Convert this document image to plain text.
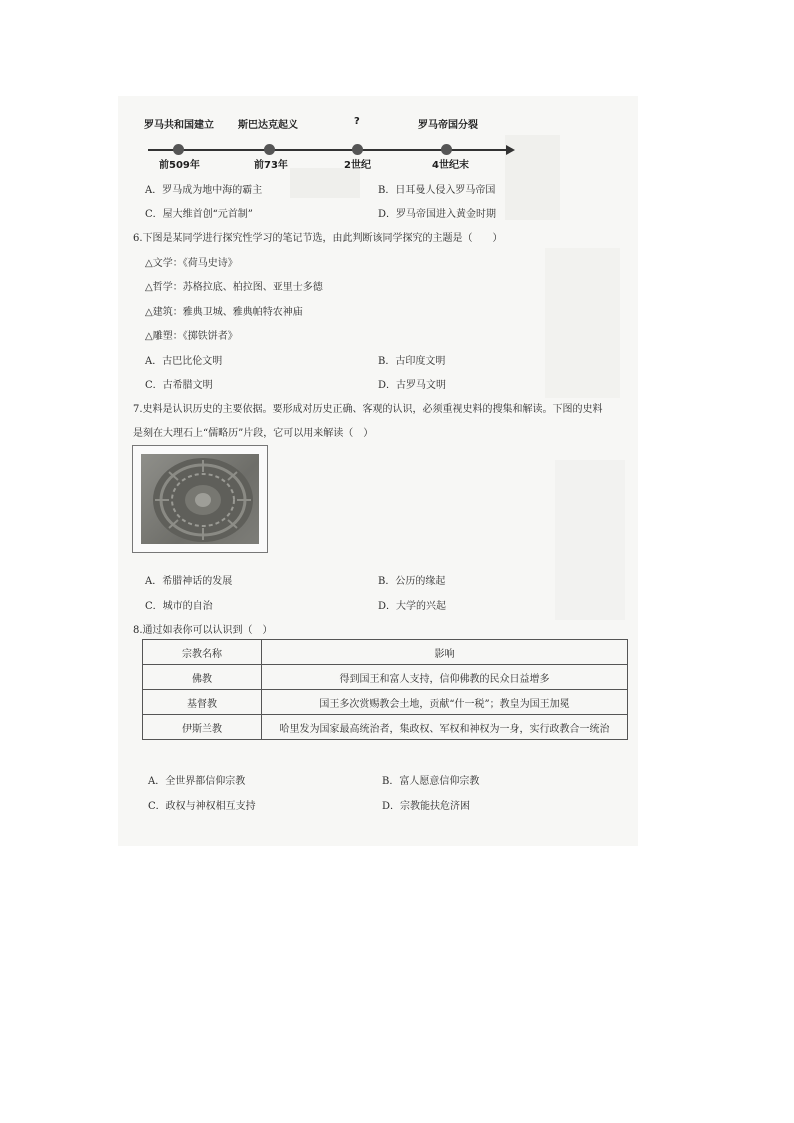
罗马共和国建立 斯巴达克起义	?	罗马帝国分裂
前509年	前73年	2世纪	4世纪末
A．罗马成为地中海的霸主	B．日耳曼人侵入罗马帝国
C．屋大维首创“元首制”	D．罗马帝国进入黄金时期
6.下图是某同学进行探究性学习的笔记节选，由此判断该同学探究的主题是（　　）
△文学：《荷马史诗》
△哲学：苏格拉底、柏拉图、亚里士多德
△建筑：雅典卫城、雅典帕特农神庙
△雕塑：《掷铁饼者》
A．古巴比伦文明	B．古印度文明
C．古希腊文明	D．古罗马文明
7.史料是认识历史的主要依据。要形成对历史正确、客观的认识，必须重视史料的搜集和解读。下图的史料
是刻在大理石上“儒略历”片段，它可以用来解读（　）
A．希腊神话的发展	B．公历的缘起
C．城市的自治	D．大学的兴起
8.通过如表你可以认识到（　）
宗教名称	影响
佛教	得到国王和富人支持，信仰佛教的民众日益增多
基督教	国王多次赏赐教会土地，贡献“什一税”；教皇为国王加冕
伊斯兰教	哈里发为国家最高统治者，集政权、军权和神权为一身，实行政教合一统治
A．全世界都信仰宗教	B．富人愿意信仰宗教
C．政权与神权相互支持	D．宗教能扶危济困
